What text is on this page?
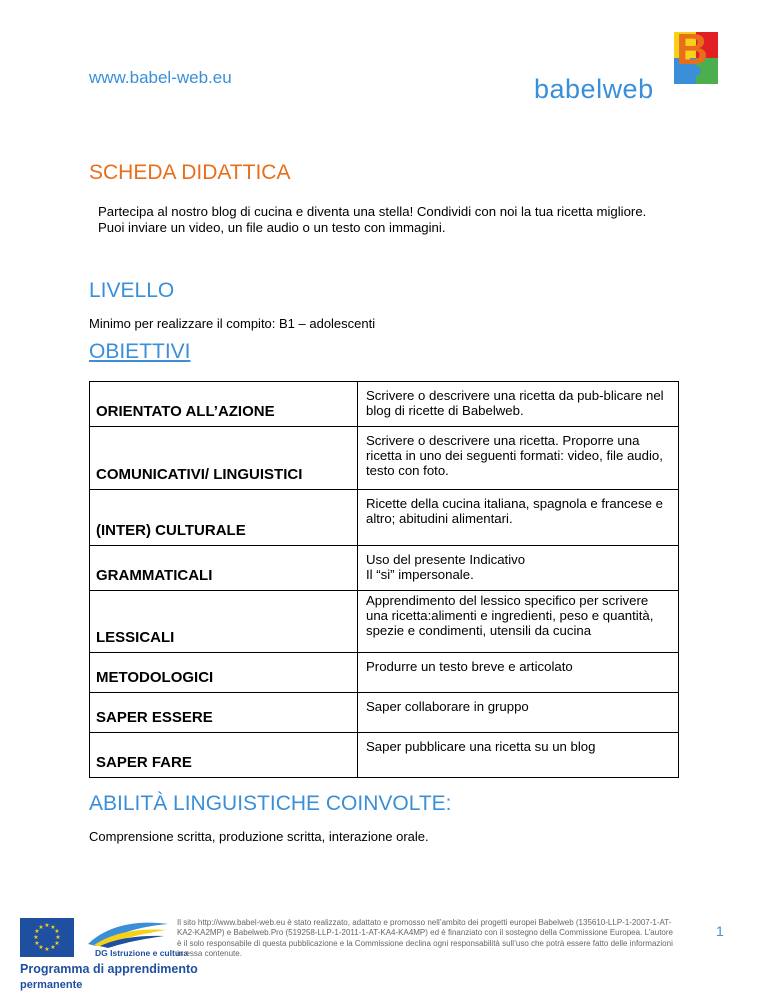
www.babel-web.eu
B
babelweb
SCHEDA DIDATTICA
Partecipa al nostro blog di cucina e diventa una stella! Condividi con noi la tua ricetta migliore. Puoi inviare un video, un file audio o un testo con immagini.
LIVELLO
Minimo per realizzare il compito: B1 – adolescenti
OBIETTIVI
ORIENTATO ALL’AZIONE	Scrivere o descrivere una ricetta da pub-blicare nel blog di ricette di Babelweb.
COMUNICATIVI/ LINGUISTICI	Scrivere o descrivere una ricetta. Proporre una ricetta in uno dei seguenti formati: video, file audio, testo con foto.
(INTER) CULTURALE	Ricette della cucina italiana, spagnola e francese e altro; abitudini alimentari.
GRAMMATICALI	Uso del presente Indicativo
Il “si” impersonale.
LESSICALI	Apprendimento del lessico specifico per scrivere una ricetta:alimenti e ingredienti, peso e quantità, spezie e condimenti, utensili da cucina
METODOLOGICI	Produrre un testo breve e articolato
SAPER ESSERE	Saper collaborare in gruppo
SAPER FARE	Saper pubblicare una ricetta su un blog
ABILITÀ LINGUISTICHE COINVOLTE:
Comprensione scritta, produzione scritta, interazione orale.
★ ★
★
★
★
★
★
★
★
★
★
★
DG Istruzione e cultura
Programma di apprendimento
permanente
Il sito http://www.babel-web.eu è stato realizzato, adattato e promosso nell’ambito dei progetti europei Babelweb (135610-LLP-1-2007-1-AT-KA2-KA2MP) e Babelweb.Pro (519258-LLP-1-2011-1-AT-KA4-KA4MP) ed é finanziato con il sostegno della Commissione Europea. L’autore è il solo responsabile di questa pubblicazione e la Commissione declina ogni responsabilità sull’uso che potrà essere fatto delle informazioni in essa contenute.
1
